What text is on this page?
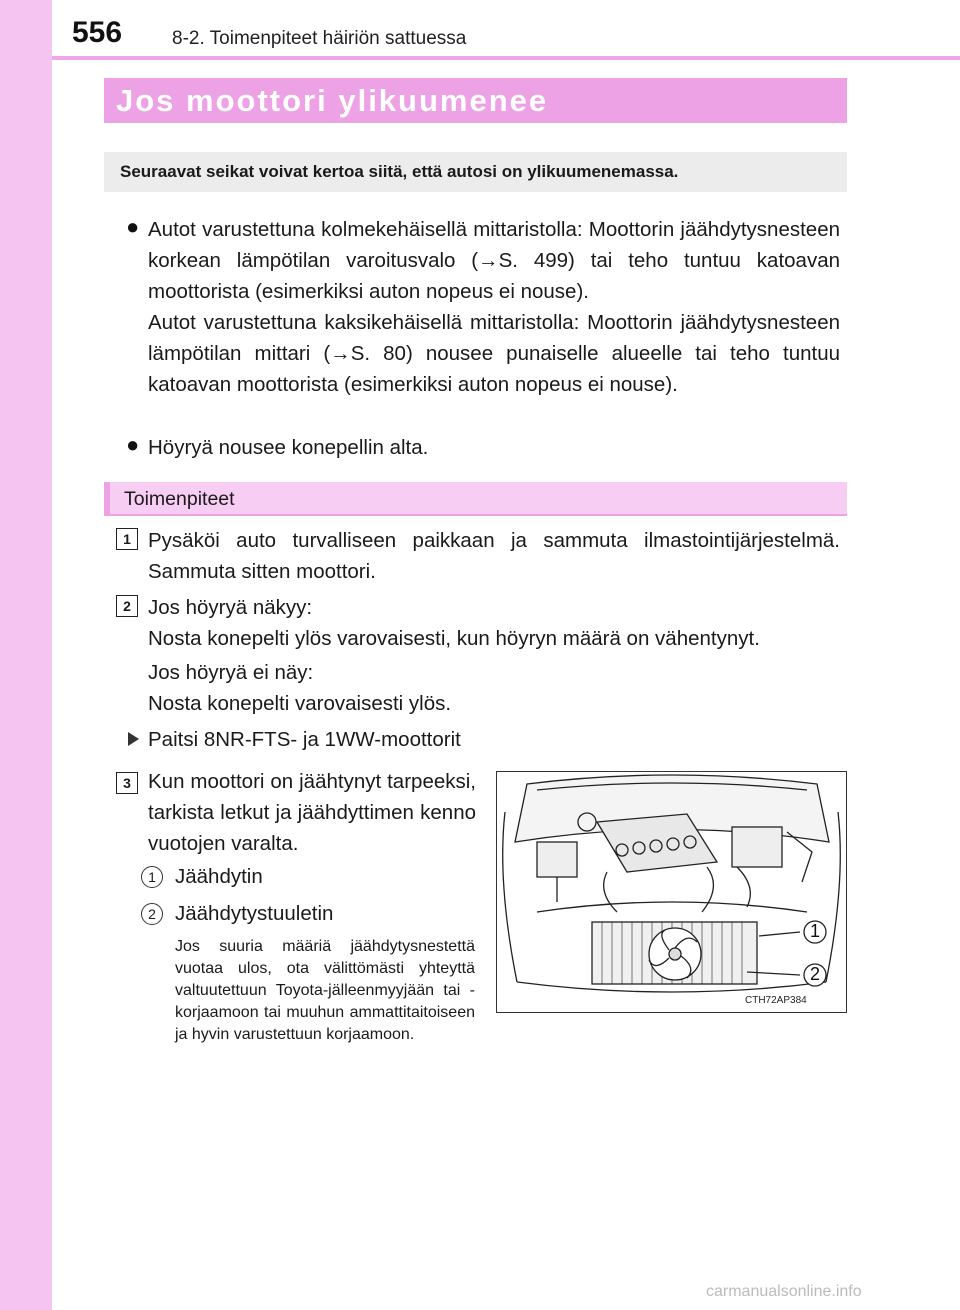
556	8-2. Toimenpiteet häiriön sattuessa
Jos moottori ylikuumenee
Seuraavat seikat voivat kertoa siitä, että autosi on ylikuumenemassa.
● Autot varustettuna kolmekehäisellä mittaristolla: Moottorin jäähdytysnesteen korkean lämpötilan varoitusvalo (→S. 499) tai teho tuntuu katoavan moottorista (esimerkiksi auton nopeus ei nouse).

Autot varustettuna kaksikehäisellä mittaristolla: Moottorin jäähdytysnesteen lämpötilan mittari (→S. 80) nousee punaiselle alueelle tai teho tuntuu katoavan moottorista (esimerkiksi auton nopeus ei nouse).

● Höyryä nousee konepellin alta.

Toimenpiteet
1 Pysäköi auto turvalliseen paikkaan ja sammuta ilmastointijärjestelmä. Sammuta sitten moottori.

2 Jos höyryä näkyy:

Nosta konepelti ylös varovaisesti, kun höyryn määrä on vähentynyt.

Jos höyryä ei näy:

Nosta konepelti varovaisesti ylös.

Paitsi 8NR-FTS- ja 1WW-moottorit

3 Kun moottori on jäähtynyt tarpeeksi, tarkista letkut ja jäähdyttimen kenno vuotojen varalta.

1 Jäähdytin

2 Jäähdytystuuletin

Jos suuria määriä jäähdytysnestettä vuotaa ulos, ota välittömästi yhteyttä valtuutettuun Toyota-jälleenmyyjään tai -korjaamoon tai muuhun ammattitaitoiseen ja hyvin varustettuun korjaamoon.

1
2
CTH72AP384
carmanualsonline.info
